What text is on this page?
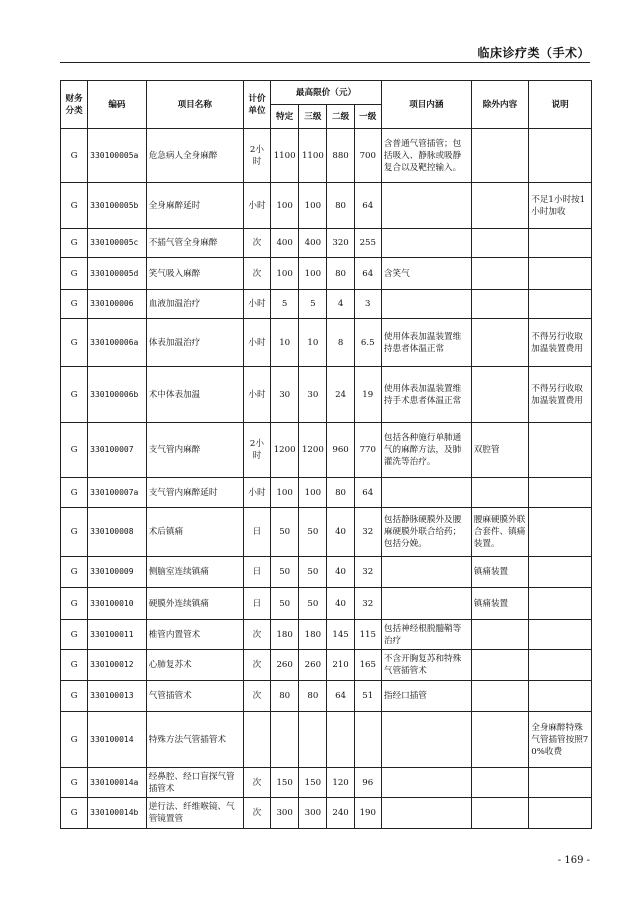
临床诊疗类（手术）
财务分类	编码	项目名称	计价单位	最高限价（元）				项目内涵	除外内容	说明
				特定	三级	二级	一级			
G	330100005a	危急病人全身麻醉	2小时	1100	1100	880	700	含普通气管插管；包括吸入、静脉或吸静复合以及靶控输入。		
G	330100005b	全身麻醉延时	小时	100	100	80	64			不足1小时按1小时加收
G	330100005c	不插气管全身麻醉	次	400	400	320	255			
G	330100005d	笑气吸入麻醉	次	100	100	80	64	含笑气		
G	330100006	血液加温治疗	小时	5	5	4	3			
G	330100006a	体表加温治疗	小时	10	10	8	6.5	使用体表加温装置维持患者体温正常		不得另行收取加温装置费用
G	330100006b	术中体表加温	小时	30	30	24	19	使用体表加温装置维持手术患者体温正常		不得另行收取加温装置费用
G	330100007	支气管内麻醉	2小时	1200	1200	960	770	包括各种施行单肺通气的麻醉方法，及肺灌洗等治疗。	双腔管	
G	330100007a	支气管内麻醉延时	小时	100	100	80	64			
G	330100008	术后镇痛	日	50	50	40	32	包括静脉硬膜外及腰麻硬膜外联合给药；包括分娩。	腰麻硬膜外联合套件、镇痛装置。	
G	330100009	侧脑室连续镇痛	日	50	50	40	32		镇痛装置	
G	330100010	硬膜外连续镇痛	日	50	50	40	32		镇痛装置	
G	330100011	椎管内置管术	次	180	180	145	115	包括神经根脱髓鞘等治疗		
G	330100012	心肺复苏术	次	260	260	210	165	不含开胸复苏和特殊气管插管术		
G	330100013	气管插管术	次	80	80	64	51	指经口插管		
G	330100014	特殊方法气管插管术								全身麻醉特殊气管插管按照70%收费
G	330100014a	经鼻腔、经口盲探气管插管术	次	150	150	120	96			
G	330100014b	逆行法、纤维喉镜、气管镜置管	次	300	300	240	190			
- 169 -
